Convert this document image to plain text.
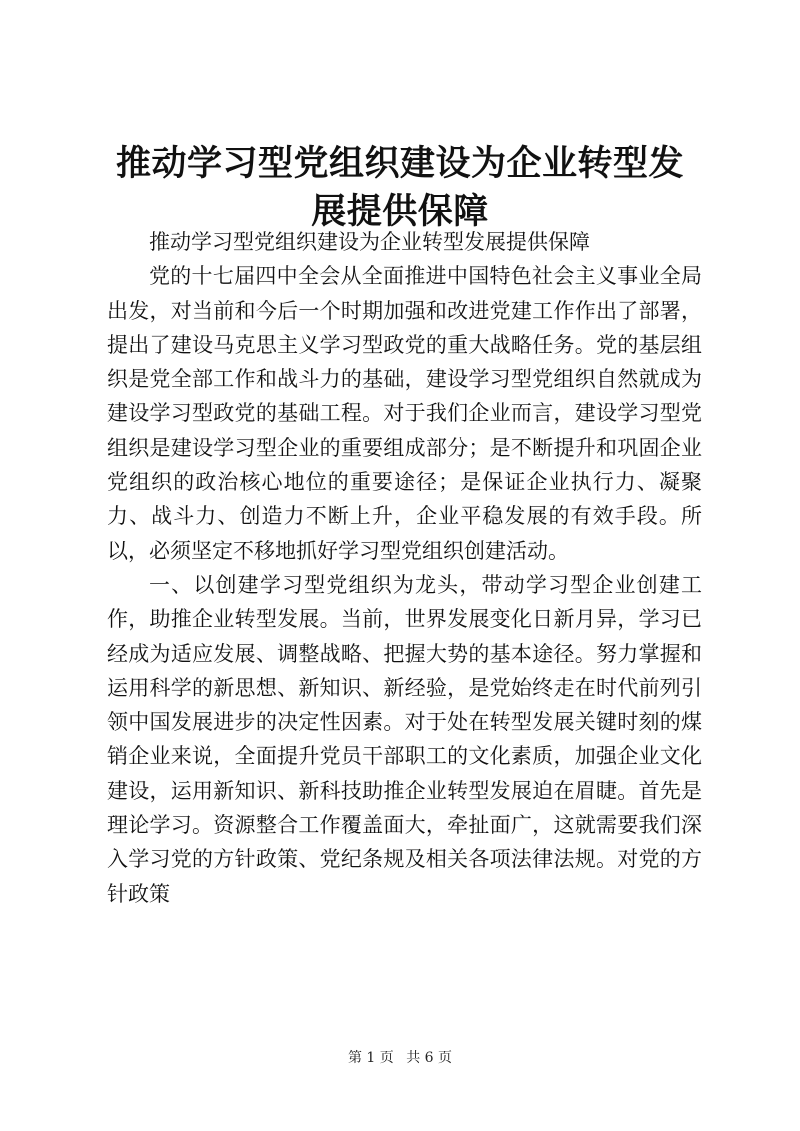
推动学习型党组织建设为企业转型发展提供保障

推动学习型党组织建设为企业转型发展提供保障

党的十七届四中全会从全面推进中国特色社会主义事业全局出发，对当前和今后一个时期加强和改进党建工作作出了部署，提出了建设马克思主义学习型政党的重大战略任务。党的基层组织是党全部工作和战斗力的基础，建设学习型党组织自然就成为建设学习型政党的基础工程。对于我们企业而言，建设学习型党组织是建设学习型企业的重要组成部分；是不断提升和巩固企业党组织的政治核心地位的重要途径；是保证企业执行力、凝聚力、战斗力、创造力不断上升，企业平稳发展的有效手段。所以，必须坚定不移地抓好学习型党组织创建活动。

一、以创建学习型党组织为龙头，带动学习型企业创建工作，助推企业转型发展。当前，世界发展变化日新月异，学习已经成为适应发展、调整战略、把握大势的基本途径。努力掌握和运用科学的新思想、新知识、新经验，是党始终走在时代前列引领中国发展进步的决定性因素。对于处在转型发展关键时刻的煤销企业来说，全面提升党员干部职工的文化素质，加强企业文化建设，运用新知识、新科技助推企业转型发展迫在眉睫。首先是理论学习。资源整合工作覆盖面大，牵扯面广，这就需要我们深入学习党的方针政策、党纪条规及相关各项法律法规。对党的方针政策

第 1 页 共 6 页
